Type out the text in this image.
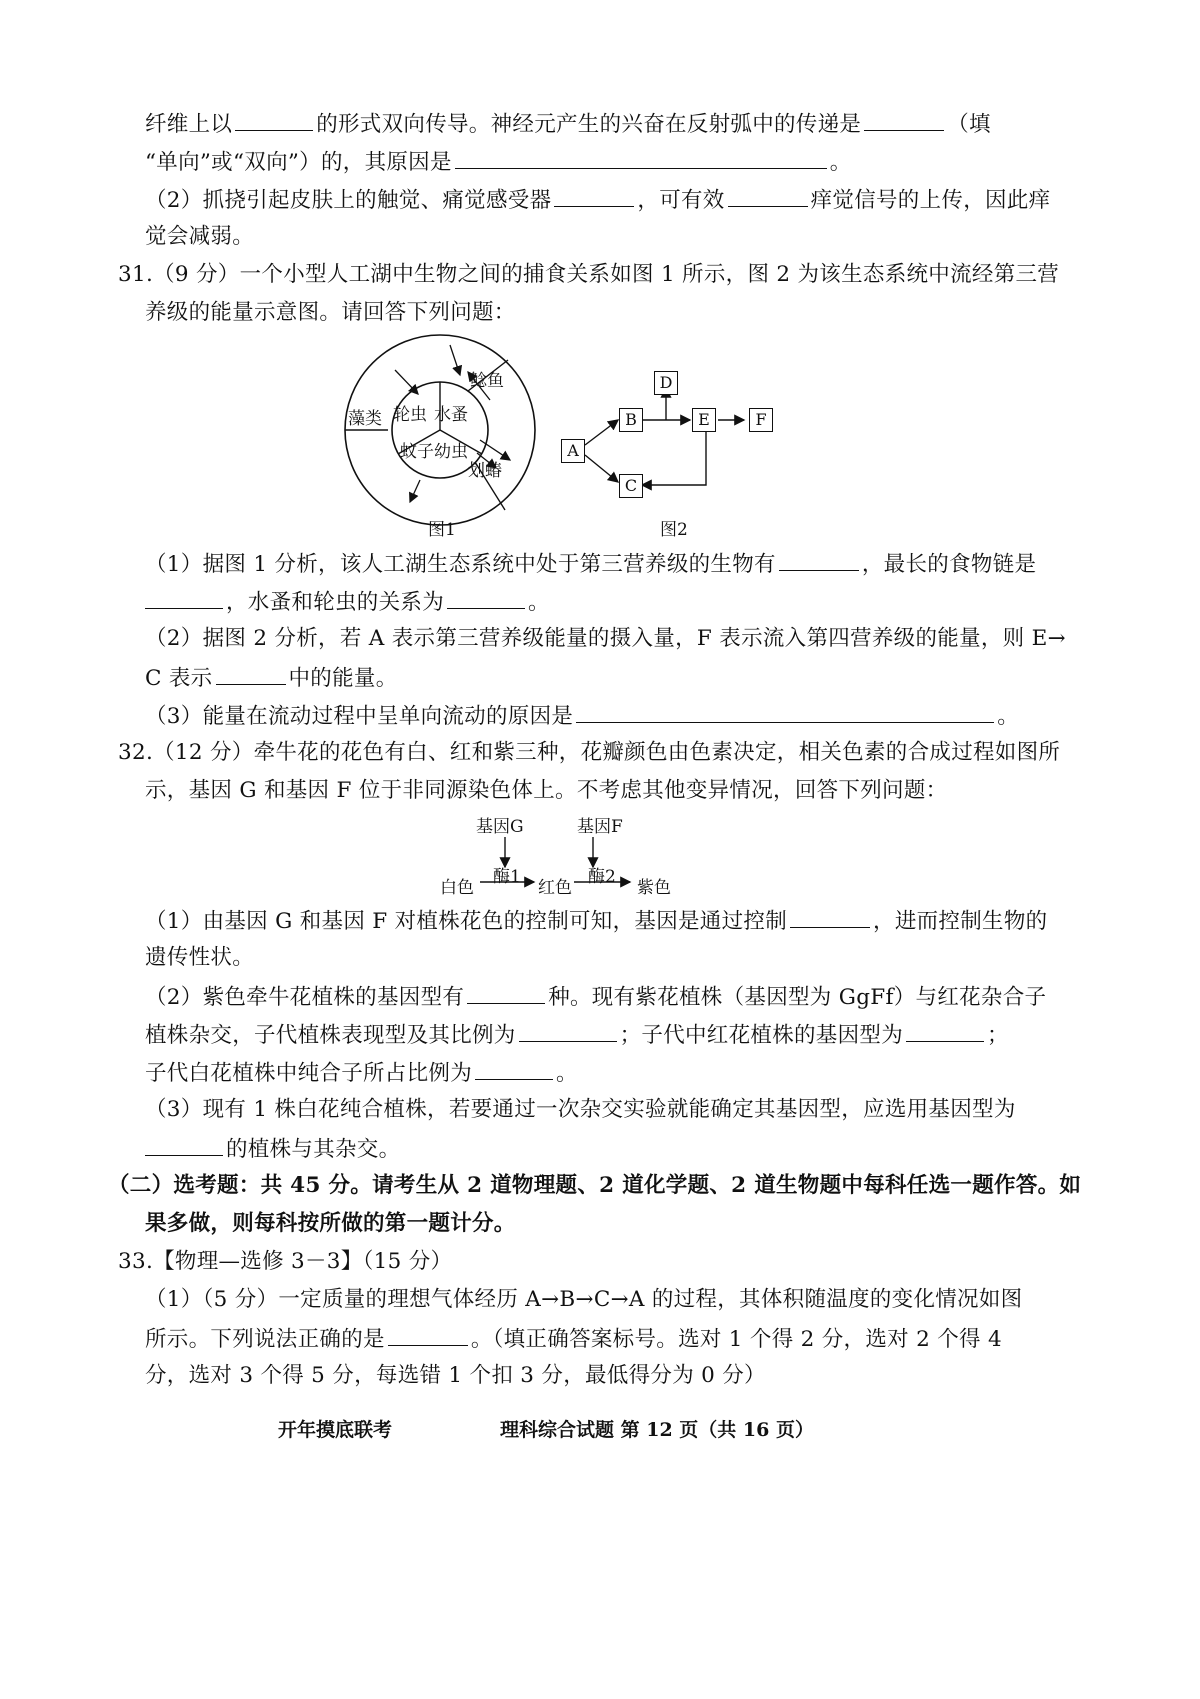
纤维上以	的形式双向传导。神经元产生的兴奋在反射弧中的传递是	（填
“单向”或“双向”）的，其原因是	。
（2）抓挠引起皮肤上的触觉、痛觉感受器	，可有效	痒觉信号的上传，因此痒
觉会减弱。
31.（9 分）一个小型人工湖中生物之间的捕食关系如图 1 所示，图 2 为该生态系统中流经第三营
养级的能量示意图。请回答下列问题：
藻类 轮虫 水蚤
蚊子幼虫
鲶鱼
划蝽
图1
A
B
C
D
E	F
图2
（1）据图 1 分析，该人工湖生态系统中处于第三营养级的生物有	，最长的食物链是
，水蚤和轮虫的关系为	。
（2）据图 2 分析，若 A 表示第三营养级能量的摄入量，F 表示流入第四营养级的能量，则 E→
C 表示	中的能量。
（3）能量在流动过程中呈单向流动的原因是	。
32.（12 分）牵牛花的花色有白、红和紫三种，花瓣颜色由色素决定，相关色素的合成过程如图所
示，基因 G 和基因 F 位于非同源染色体上。不考虑其他变异情况，回答下列问题：
基因G	基因F
酶1	酶2
白色	红色	紫色
（1）由基因 G 和基因 F 对植株花色的控制可知，基因是通过控制	，进而控制生物的
遗传性状。
（2）紫色牵牛花植株的基因型有	种。现有紫花植株（基因型为 GgFf）与红花杂合子
植株杂交，子代植株表现型及其比例为	；子代中红花植株的基因型为	；
子代白花植株中纯合子所占比例为	。
（3）现有 1 株白花纯合植株，若要通过一次杂交实验就能确定其基因型，应选用基因型为
的植株与其杂交。
（二）选考题：共 45 分。请考生从 2 道物理题、2 道化学题、2 道生物题中每科任选一题作答。如
果多做，则每科按所做的第一题计分。
33.【物理—选修 3－3】（15 分）
（1）（5 分）一定质量的理想气体经历 A→B→C→A 的过程，其体积随温度的变化情况如图
所示。下列说法正确的是	。（填正确答案标号。选对 1 个得 2 分，选对 2 个得 4
分，选对 3 个得 5 分，每选错 1 个扣 3 分，最低得分为 0 分）
开年摸底联考	理科综合试题 第 12 页（共 16 页）
